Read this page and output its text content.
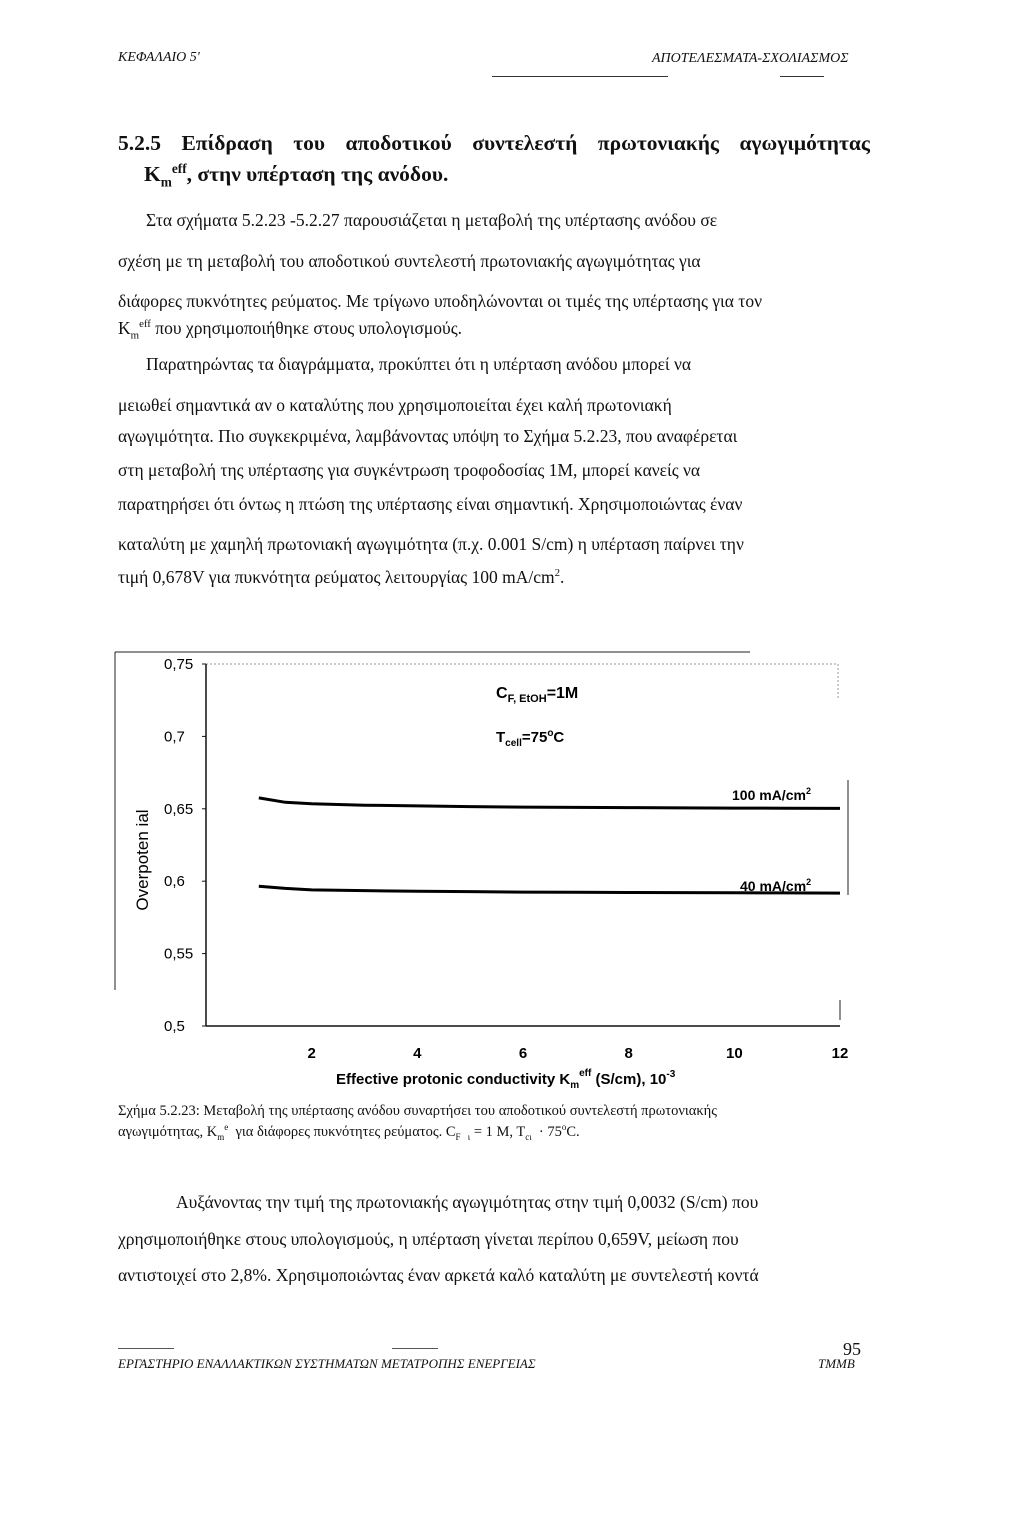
ΚΕΦΑΛΑΙΟ 5'	ΑΠΟΤΕΛΕΣΜΑΤΑ-ΣΧΟΛΙΑΣΜΟΣ
5.2.5 Επίδραση του αποδοτικού συντελεστή πρωτονιακής αγωγιμότητας
$K_m^{eff}$, στην υπέρταση της ανόδου.
Στα σχήματα 5.2.23 -5.2.27 παρουσιάζεται η μεταβολή της υπέρτασης ανόδου σε
σχέση με τη μεταβολή του αποδοτικού συντελεστή πρωτονιακής αγωγιμότητας για
διάφορες πυκνότητες ρεύματος. Με τρίγωνο υποδηλώνονται οι τιμές της υπέρτασης για τον
$K_m^{eff}$ που χρησιμοποιήθηκε στους υπολογισμούς.
Παρατηρώντας τα διαγράμματα, προκύπτει ότι η υπέρταση ανόδου μπορεί να
μειωθεί σημαντικά αν ο καταλύτης που χρησιμοποιείται έχει καλή πρωτονιακή
αγωγιμότητα. Πιο συγκεκριμένα, λαμβάνοντας υπόψη το Σχήμα 5.2.23, που αναφέρεται
στη μεταβολή της υπέρτασης για συγκέντρωση τροφοδοσίας 1Μ, μπορεί κανείς να
παρατηρήσει ότι όντως η πτώση της υπέρτασης είναι σημαντική. Χρησιμοποιώντας έναν
καταλύτη με χαμηλή πρωτονιακή αγωγιμότητα (π.χ. 0.001 S/cm) η υπέρταση παίρνει την
τιμή 0,678V για πυκνότητα ρεύματος λειτουργίας 100 $mA/cm^2$.
0,75
0,7
0,65
0,6
0,55
0,5
2	4	6	8	10	12
Overpoten ial
$C_{F, EtOH}=1M$
$T_{cell}=75^oC$
100 $mA/cm^2$
40 $mA/cm^2$
Effective protonic conductivity $K_m^{eff}$ (S/cm), $10^{-3}$
Σχήμα 5.2.23: Μεταβολή της υπέρτασης ανόδου συναρτήσει του αποδοτικού συντελεστή πρωτονιακής
αγωγιμότητας, $K_m^e$  για διάφορες πυκνότητες ρεύματος. $C_F$ $_\iota$ = 1 M, $T_{c\iota} \cdot 75^oC$.
Αυξάνοντας την τιμή της πρωτονιακής αγωγιμότητας στην τιμή 0,0032 (S/cm) που
χρησιμοποιήθηκε στους υπολογισμούς, η υπέρταση γίνεται περίπου 0,659V, μείωση που
αντιστοιχεί στο 2,8%. Χρησιμοποιώντας έναν αρκετά καλό καταλύτη με συντελεστή κοντά
95
ΕΡΓΑΣΤΗΡΙΟ ΕΝΑΛΛΑΚΤΙΚΩΝ ΣΥΣΤΗΜΑΤΩΝ ΜΕΤΑΤΡΟΠΗΣ ΕΝΕΡΓΕΙΑΣ	ΤΜΜΒ
